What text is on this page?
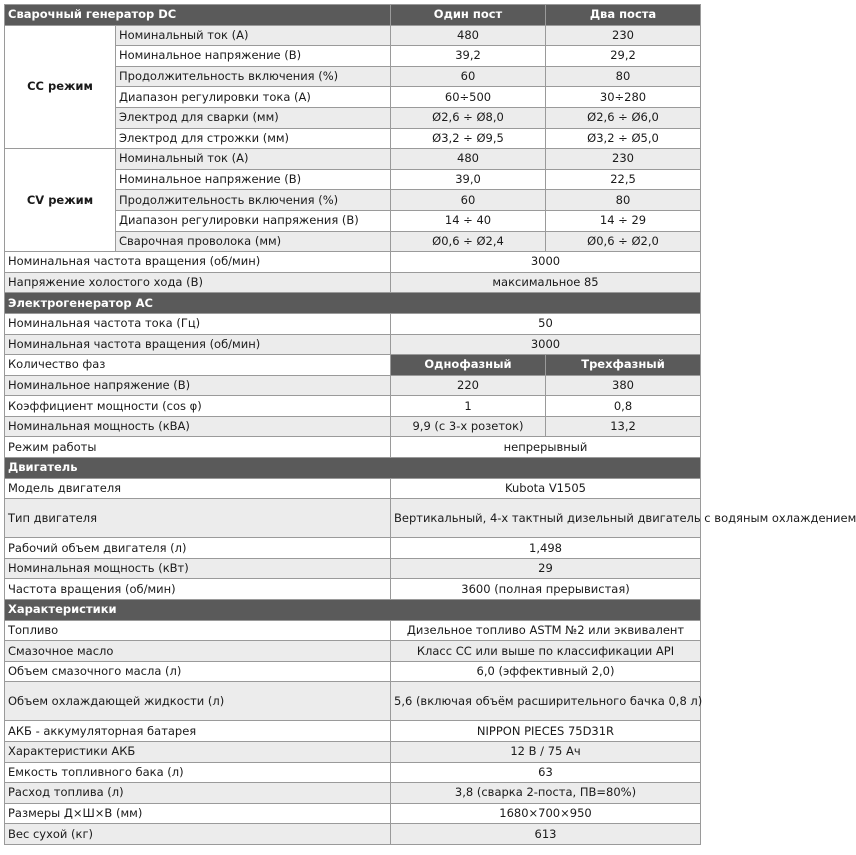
Сварочный генератор DC		Один пост	Два поста
CC режим	Номинальный ток (А)	480	230
	Номинальное напряжение (В)	39,2	29,2
	Продолжительность включения (%)	60	80
	Диапазон регулировки тока (А)	60÷500	30÷280
	Электрод для сварки (мм)	Ø2,6 ÷ Ø8,0	Ø2,6 ÷ Ø6,0
	Электрод для строжки (мм)	Ø3,2 ÷ Ø9,5	Ø3,2 ÷ Ø5,0
CV режим	Номинальный ток (А)	480	230
	Номинальное напряжение (В)	39,0	22,5
	Продолжительность включения (%)	60	80
	Диапазон регулировки напряжения (В)	14 ÷ 40	14 ÷ 29
	Сварочная проволока (мм)	Ø0,6 ÷ Ø2,4	Ø0,6 ÷ Ø2,0
Номинальная частота вращения (об/мин)		3000	
Напряжение холостого хода (В)		максимальное 85	
Электрогенератор AC			
Номинальная частота тока (Гц)		50	
Номинальная частота вращения (об/мин)		3000	
Количество фаз		Однофазный	Трехфазный
Номинальное напряжение (В)		220	380
Коэффициент мощности (cos φ)		1	0,8
Номинальная мощность (кВА)		9,9 (с 3-х розеток)	13,2
Режим работы		непрерывный	
Двигатель			
Модель двигателя		Kubota V1505	
Тип двигателя		Вертикальный, 4-х тактный дизельный двигатель с водяным охлаждением	
Рабочий объем двигателя (л)		1,498	
Номинальная мощность (кВт)		29	
Частота вращения (об/мин)		3600 (полная прерывистая)	
Характеристики			
Топливо		Дизельное топливо ASTM №2 или эквивалент	
Смазочное масло		Класс CC или выше по классификации API	
Объем смазочного масла (л)		6,0 (эффективный 2,0)	
Объем охлаждающей жидкости (л)		5,6 (включая объём расширительного бачка 0,8 л)	
АКБ - аккумуляторная батарея		NIPPON PIECES 75D31R	
Характеристики АКБ		12 В / 75 Ач	
Емкость топливного бака (л)		63	
Расход топлива (л)		3,8 (сварка 2-поста, ПВ=80%)	
Размеры Д×Ш×В (мм)		1680×700×950	
Вес сухой (кг)		613	
